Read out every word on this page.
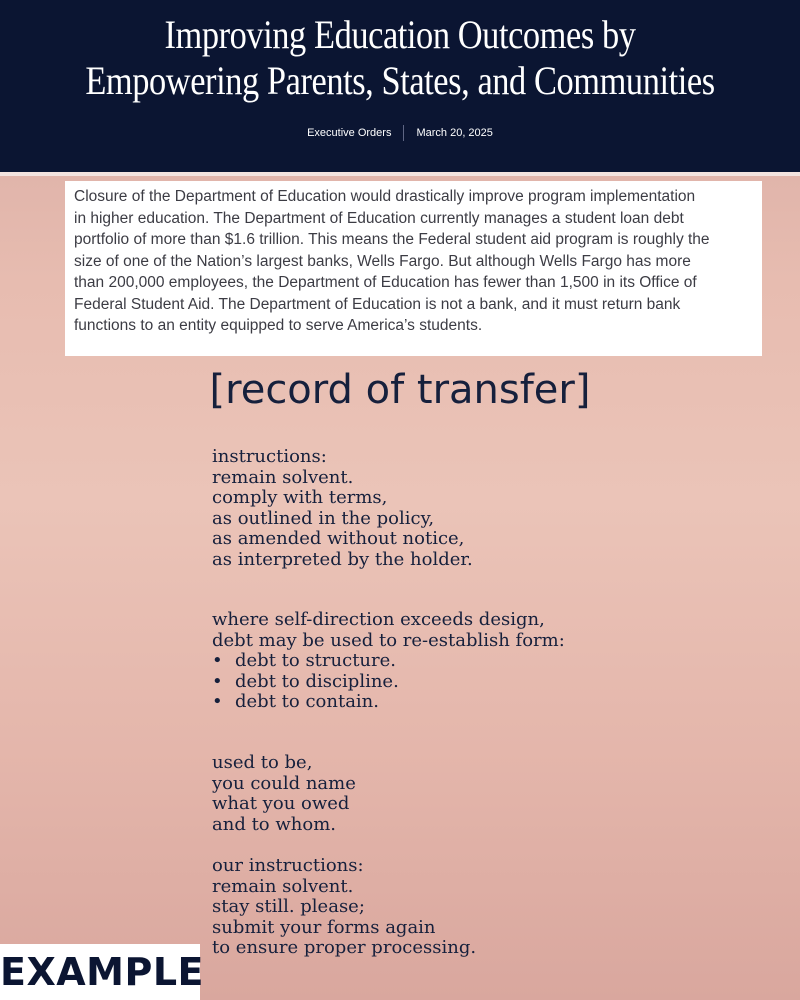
Improving Education Outcomes by
Empowering Parents, States, and Communities
Executive Orders March 20, 2025

Closure of the Department of Education would drastically improve program implementation
in higher education. The Department of Education currently manages a student loan debt
portfolio of more than $1.6 trillion. This means the Federal student aid program is roughly the
size of one of the Nation’s largest banks, Wells Fargo. But although Wells Fargo has more
than 200,000 employees, the Department of Education has fewer than 1,500 in its Office of
Federal Student Aid. The Department of Education is not a bank, and it must return bank
functions to an entity equipped to serve America’s students.

[record of transfer]
instructions:
remain solvent.
comply with terms,
as outlined in the policy,
as amended without notice,
as interpreted by the holder.
where self-direction exceeds design,
debt may be used to re-establish form:
• debt to structure.
• debt to discipline.
• debt to contain.
used to be,
you could name
what you owed
and to whom.
our instructions:
remain solvent.
stay still. please;
submit your forms again
to ensure proper processing.
EXAMPLE
